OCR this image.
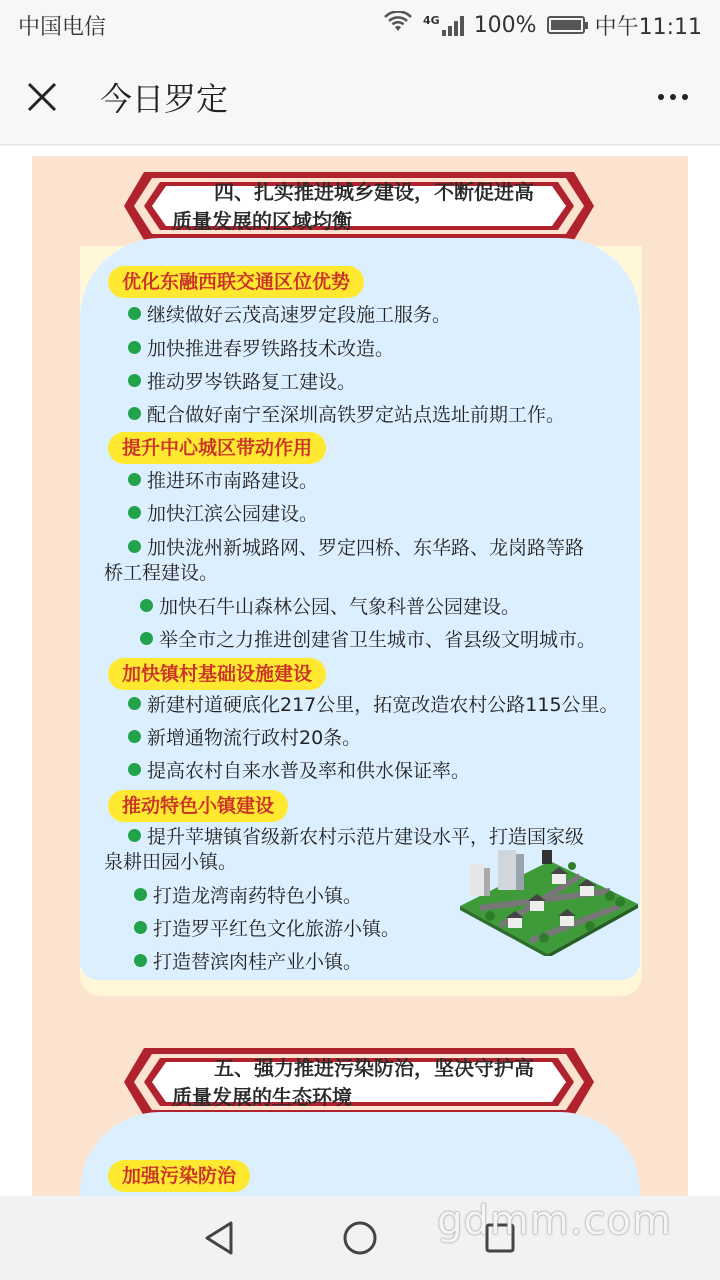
中国电信	4G 100%	中午11:11
今日罗定
四、扎实推进城乡建设，不断促进高
质量发展的区域均衡
优化东融西联交通区位优势
继续做好云茂高速罗定段施工服务。
加快推进春罗铁路技术改造。
推动罗岑铁路复工建设。
配合做好南宁至深圳高铁罗定站点选址前期工作。
提升中心城区带动作用
推进环市南路建设。
加快江滨公园建设。
加快泷州新城路网、罗定四桥、东华路、龙岗路等路
桥工程建设。
加快石牛山森林公园、气象科普公园建设。
举全市之力推进创建省卫生城市、省县级文明城市。
加快镇村基础设施建设
新建村道硬底化217公里，拓宽改造农村公路115公里。
新增通物流行政村20条。
提高农村自来水普及率和供水保证率。
推动特色小镇建设
提升苹塘镇省级新农村示范片建设水平，打造国家级
泉耕田园小镇。
打造龙湾南药特色小镇。
打造罗平红色文化旅游小镇。
打造替滨肉桂产业小镇。
五、强力推进污染防治，坚决守护高
质量发展的生态环境
加强污染防治
gdmm.com
